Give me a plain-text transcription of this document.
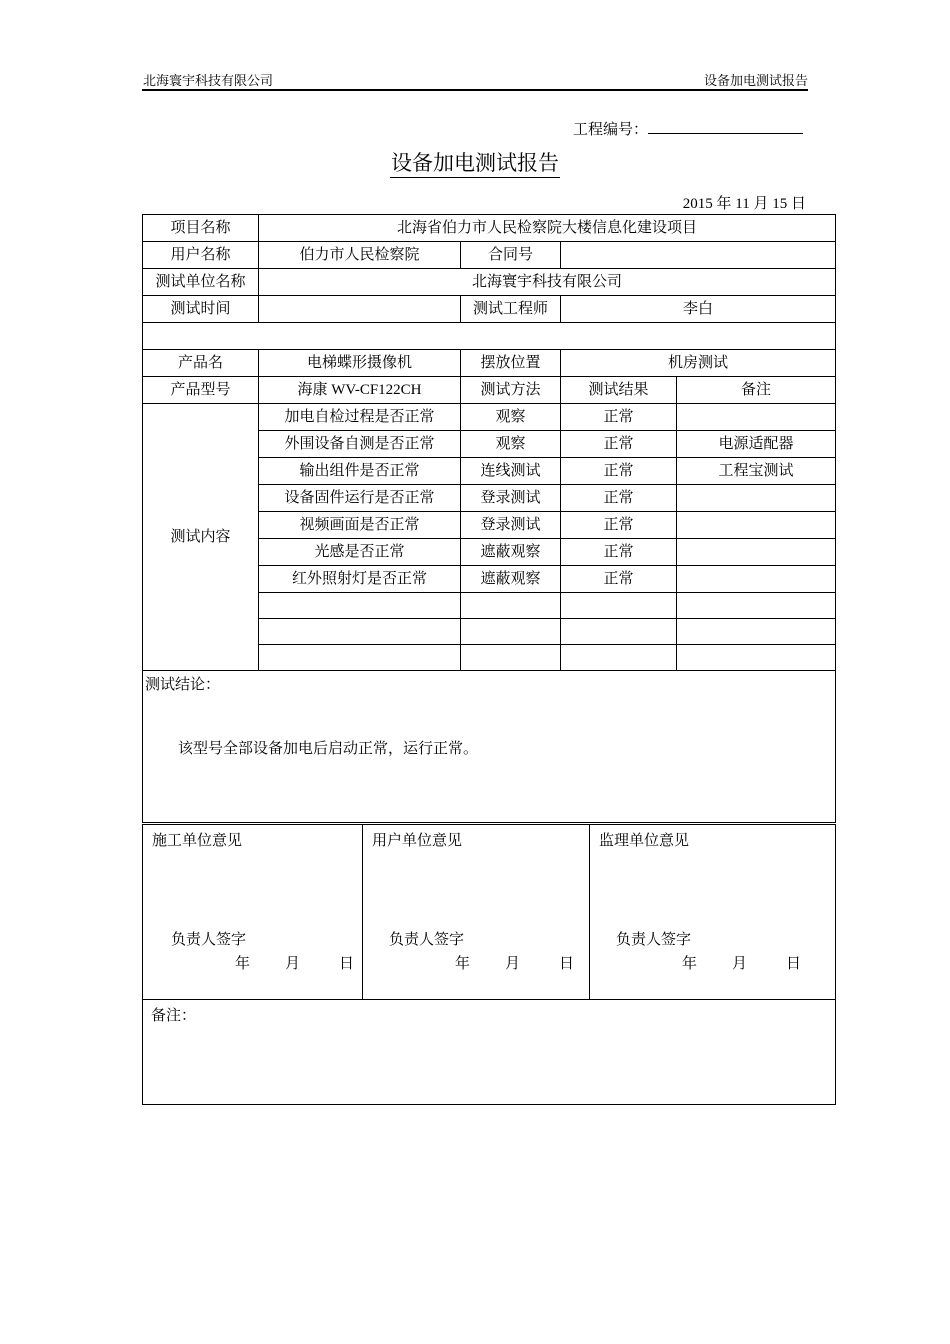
北海寰宇科技有限公司	设备加电测试报告
工程编号：
设备加电测试报告
2015 年 11 月 15 日
项目名称	北海省伯力市人民检察院大楼信息化建设项目			
用户名称	伯力市人民检察院	合同号		
测试单位名称	北海寰宇科技有限公司			
测试时间		测试工程师	李白	

产品名	电梯蝶形摄像机	摆放位置	机房测试	
产品型号	海康 WV-CF122CH	测试方法	测试结果	备注
测试内容	加电自检过程是否正常	观察	正常	
	外围设备自测是否正常	观察	正常	电源适配器
	输出组件是否正常	连线测试	正常	工程宝测试
	设备固件运行是否正常	登录测试	正常	
	视频画面是否正常	登录测试	正常	
	光感是否正常	遮蔽观察	正常	
	红外照射灯是否正常	遮蔽观察	正常	

测试结论：
该型号全部设备加电后启动正常，运行正常。				
施工单位意见
负责人签字
年 月	日

用户单位意见
负责人签字
年 月	日

监理单位意见
负责人签字
年 月	日

备注：
